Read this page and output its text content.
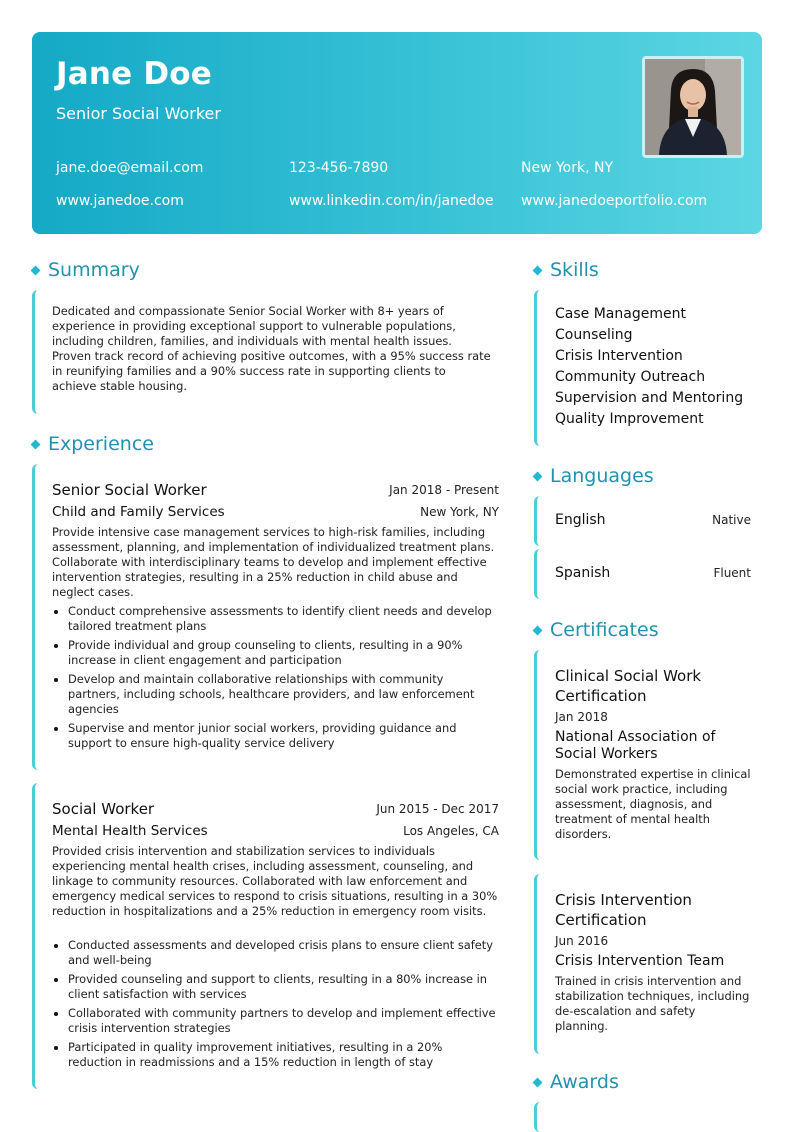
Jane Doe
Senior Social Worker
jane.doe@email.com	123-456-7890	New York, NY
www.janedoe.com	www.linkedin.com/in/janedoe www.janedoeportfolio.com
Summary
Dedicated and compassionate Senior Social Worker with 8+ years of experience in providing exceptional support to vulnerable populations, including children, families, and individuals with mental health issues. Proven track record of achieving positive outcomes, with a 95% success rate in reunifying families and a 90% success rate in supporting clients to achieve stable housing.
Experience
Senior Social Worker	Jan 2018 - Present
Child and Family Services	New York, NY
Provide intensive case management services to high-risk families, including assessment, planning, and implementation of individualized treatment plans. Collaborate with interdisciplinary teams to develop and implement effective intervention strategies, resulting in a 25% reduction in child abuse and neglect cases.
Conduct comprehensive assessments to identify client needs and develop tailored treatment plans
Provide individual and group counseling to clients, resulting in a 90% increase in client engagement and participation
Develop and maintain collaborative relationships with community partners, including schools, healthcare providers, and law enforcement agencies
Supervise and mentor junior social workers, providing guidance and support to ensure high-quality service delivery
Social Worker	Jun 2015 - Dec 2017
Mental Health Services	Los Angeles, CA
Provided crisis intervention and stabilization services to individuals experiencing mental health crises, including assessment, counseling, and linkage to community resources. Collaborated with law enforcement and emergency medical services to respond to crisis situations, resulting in a 30% reduction in hospitalizations and a 25% reduction in emergency room visits.
Conducted assessments and developed crisis plans to ensure client safety and well-being
Provided counseling and support to clients, resulting in a 80% increase in client satisfaction with services
Collaborated with community partners to develop and implement effective crisis intervention strategies
Participated in quality improvement initiatives, resulting in a 20% reduction in readmissions and a 15% reduction in length of stay
Skills
Case Management
Counseling
Crisis Intervention
Community Outreach
Supervision and Mentoring
Quality Improvement
Languages
English	Native
Spanish	Fluent
Certificates
Clinical Social Work Certification
Jan 2018
National Association of Social Workers
Demonstrated expertise in clinical social work practice, including assessment, diagnosis, and treatment of mental health disorders.
Crisis Intervention Certification
Jun 2016
Crisis Intervention Team
Trained in crisis intervention and stabilization techniques, including de-escalation and safety planning.
Awards
